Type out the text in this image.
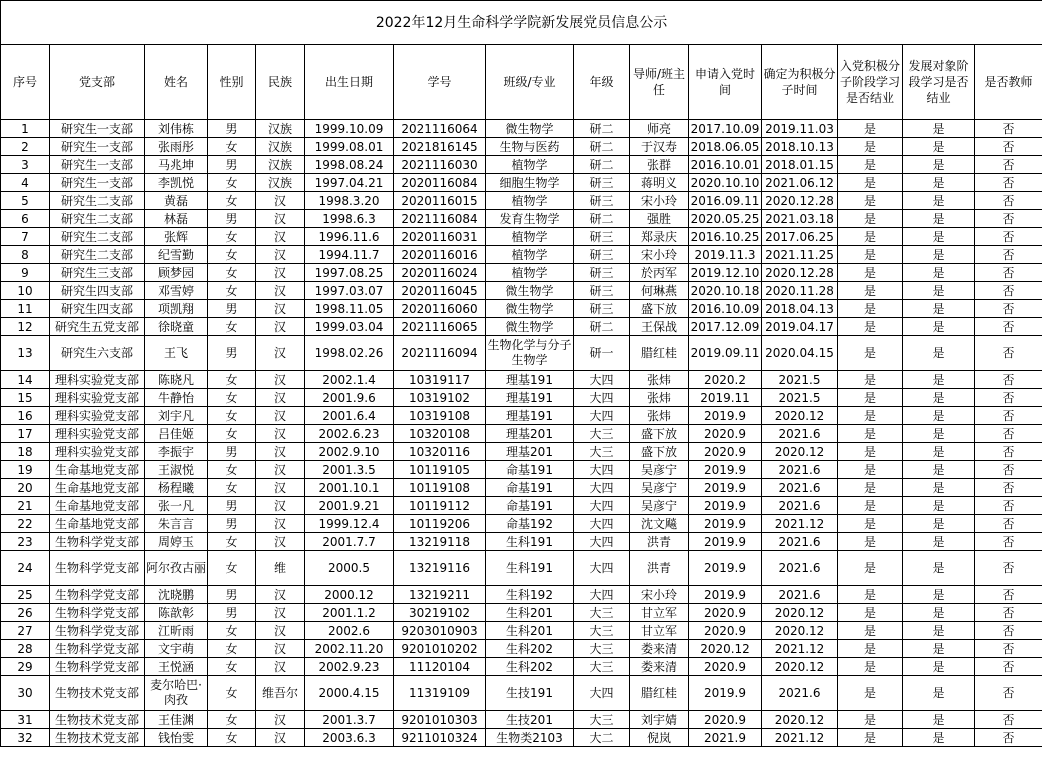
2022年12月生命科学学院新发展党员信息公示														
序号	党支部	姓名	性别	民族	出生日期	学号	班级/专业	年级	导师/班主任	申请入党时间	确定为积极分子时间	入党积极分子阶段学习是否结业	发展对象阶段学习是否结业	是否教师
1	研究生一支部	刘伟栋	男	汉族	1999.10.09	2021116064	微生物学	研二	师亮	2017.10.09	2019.11.03	是	是	否
2	研究生一支部	张雨彤	女	汉族	1999.08.01	2021816145	生物与医药	研二	于汉寿	2018.06.05	2018.10.13	是	是	否
3	研究生一支部	马兆坤	男	汉族	1998.08.24	2021116030	植物学	研二	张群	2016.10.01	2018.01.15	是	是	否
4	研究生一支部	李凯悦	女	汉族	1997.04.21	2020116084	细胞生物学	研三	蒋明义	2020.10.10	2021.06.12	是	是	否
5	研究生二支部	黄磊	女	汉	1998.3.20	2020116015	植物学	研三	宋小玲	2016.09.11	2020.12.28	是	是	否
6	研究生二支部	林磊	男	汉	1998.6.3	2021116084	发育生物学	研二	强胜	2020.05.25	2021.03.18	是	是	否
7	研究生二支部	张辉	女	汉	1996.11.6	2020116031	植物学	研三	郑录庆	2016.10.25	2017.06.25	是	是	否
8	研究生二支部	纪雪勤	女	汉	1994.11.7	2020116016	植物学	研三	宋小玲	2019.11.3	2021.11.25	是	是	否
9	研究生三支部	顾梦园	女	汉	1997.08.25	2020116024	植物学	研三	於丙军	2019.12.10	2020.12.28	是	是	否
10	研究生四支部	邓雪婷	女	汉	1997.03.07	2020116045	微生物学	研三	何琳燕	2020.10.18	2020.11.28	是	是	否
11	研究生四支部	项凯翔	男	汉	1998.11.05	2020116060	微生物学	研三	盛下放	2016.10.09	2018.04.13	是	是	否
12	研究生五党支部	徐晓童	女	汉	1999.03.04	2021116065	微生物学	研二	王保战	2017.12.09	2019.04.17	是	是	否
13	研究生六支部	王飞	男	汉	1998.02.26	2021116094	生物化学与分子生物学	研一	腊红桂	2019.09.11	2020.04.15	是	是	否
14	理科实验党支部	陈晓凡	女	汉	2002.1.4	10319117	理基191	大四	张炜	2020.2	2021.5	是	是	否
15	理科实验党支部	牛静怡	女	汉	2001.9.6	10319102	理基191	大四	张炜	2019.11	2021.5	是	是	否
16	理科实验党支部	刘宇凡	女	汉	2001.6.4	10319108	理基191	大四	张炜	2019.9	2020.12	是	是	否
17	理科实验党支部	吕佳姬	女	汉	2002.6.23	10320108	理基201	大三	盛下放	2020.9	2021.6	是	是	否
18	理科实验党支部	李振宇	男	汉	2002.9.10	10320116	理基201	大三	盛下放	2020.9	2020.12	是	是	否
19	生命基地党支部	王淑悦	女	汉	2001.3.5	10119105	命基191	大四	吴彦宁	2019.9	2021.6	是	是	否
20	生命基地党支部	杨程曦	女	汉	2001.10.1	10119108	命基191	大四	吴彦宁	2019.9	2021.6	是	是	否
21	生命基地党支部	张一凡	男	汉	2001.9.21	10119112	命基191	大四	吴彦宁	2019.9	2021.6	是	是	否
22	生命基地党支部	朱言言	男	汉	1999.12.4	10119206	命基192	大四	沈文飚	2019.9	2021.12	是	是	否
23	生物科学党支部	周婷玉	女	汉	2001.7.7	13219118	生科191	大四	洪青	2019.9	2021.6	是	是	否
24	生物科学党支部	阿尔孜古丽	女	维	2000.5	13219116	生科191	大四	洪青	2019.9	2021.6	是	是	否
25	生物科学党支部	沈晓鹏	男	汉	2000.12	13219211	生科192	大四	宋小玲	2019.9	2021.6	是	是	否
26	生物科学党支部	陈歆彰	男	汉	2001.1.2	30219102	生科201	大三	甘立军	2020.9	2020.12	是	是	否
27	生物科学党支部	江昕雨	女	汉	2002.6	9203010903	生科201	大三	甘立军	2020.9	2020.12	是	是	否
28	生物科学党支部	文宇萌	女	汉	2002.11.20	9201010202	生科202	大三	娄来清	2020.12	2021.12	是	是	否
29	生物科学党支部	王悦涵	女	汉	2002.9.23	11120104	生科202	大三	娄来清	2020.9	2020.12	是	是	否
30	生物技术党支部	麦尔哈巴·肉孜	女	维吾尔	2000.4.15	11319109	生技191	大四	腊红桂	2019.9	2021.6	是	是	否
31	生物技术党支部	王佳渊	女	汉	2001.3.7	9201010303	生技201	大三	刘宇婧	2020.9	2020.12	是	是	否
32	生物技术党支部	钱怡雯	女	汉	2003.6.3	9211010324	生物类2103	大二	倪岚	2021.9	2021.12	是	是	否
